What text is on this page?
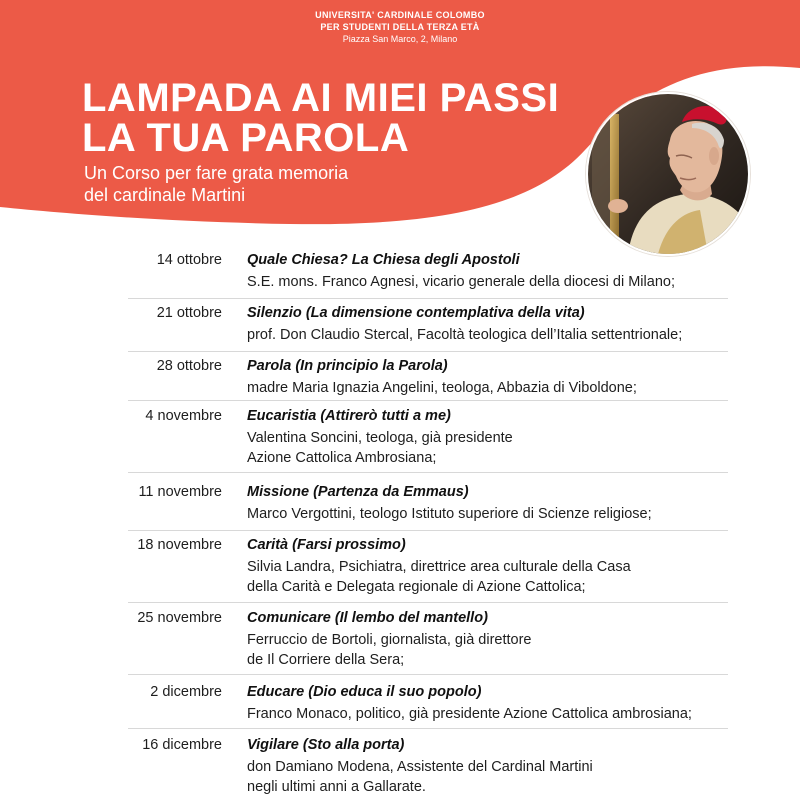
UNIVERSITA' CARDINALE COLOMBO
PER STUDENTI DELLA TERZA ETÀ
Piazza San Marco, 2, Milano
LAMPADA AI MIEI PASSI
LA TUA PAROLA
Un Corso per fare grata memoria
del cardinale Martini
14 ottobre Quale Chiesa? La Chiesa degli Apostoli
S.E. mons. Franco Agnesi, vicario generale della diocesi di Milano;
21 ottobre Silenzio (La dimensione contemplativa della vita)
prof. Don Claudio Stercal, Facoltà teologica dell’Italia settentrionale;
28 ottobre Parola (In principio la Parola)
madre Maria Ignazia Angelini, teologa, Abbazia di Viboldone;
4 novembre Eucaristia (Attirerò tutti a me)
Valentina Soncini, teologa, già presidente
Azione Cattolica Ambrosiana;
11 novembre Missione (Partenza da Emmaus)
Marco Vergottini, teologo Istituto superiore di Scienze religiose;
18 novembre Carità (Farsi prossimo)
Silvia Landra, Psichiatra, direttrice area culturale della Casa
della Carità e Delegata regionale di Azione Cattolica;
25 novembre Comunicare (Il lembo del mantello)
Ferruccio de Bortoli, giornalista, già direttore
de Il Corriere della Sera;
2 dicembre Educare (Dio educa il suo popolo)
Franco Monaco, politico, già presidente Azione Cattolica ambrosiana;
16 dicembre Vigilare (Sto alla porta)
don Damiano Modena, Assistente del Cardinal Martini
negli ultimi anni a Gallarate.
